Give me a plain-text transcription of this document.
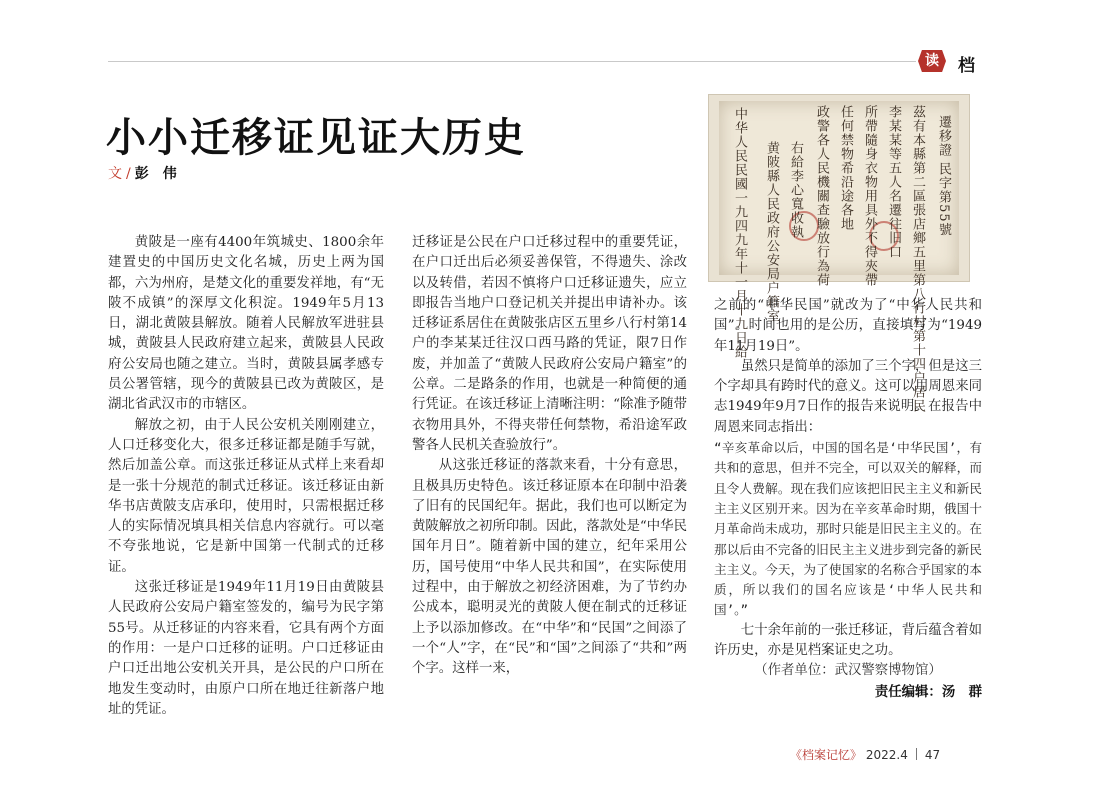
读	档
小小迁移证见证大历史
文 / 彭伟	遷移證 民字第55號
茲有本縣第二區張店鄉五里第八行村第十四户居民
李某某等五人名遷往旧口
所帶隨身衣物用具外不得夾帶
任何禁物希沿途各地
政警各人民機關查驗放行為荷
右給李心寬收執
黄陂縣人民政府公安局户籍室
中华人民民國一九四九年十一月十九日給

黄陂是一座有4400年筑城史、1800余年建置史的中国历史文化名城，历史上两为国都，六为州府，是楚文化的重要发祥地，有“无陂不成镇”的深厚文化积淀。1949年5月13日，湖北黄陂县解放。随着人民解放军进驻县城，黄陂县人民政府建立起来，黄陂县人民政府公安局也随之建立。当时，黄陂县属孝感专员公署管辖，现今的黄陂县已改为黄陂区，是湖北省武汉市的市辖区。

解放之初，由于人民公安机关刚刚建立，人口迁移变化大，很多迁移证都是随手写就，然后加盖公章。而这张迁移证从式样上来看却是一张十分规范的制式迁移证。该迁移证由新华书店黄陂支店承印，使用时，只需根据迁移人的实际情况填具相关信息内容就行。可以毫不夸张地说，它是新中国第一代制式的迁移证。

这张迁移证是1949年11月19日由黄陂县人民政府公安局户籍室签发的，编号为民字第55号。从迁移证的内容来看，它具有两个方面的作用：一是户口迁移的证明。户口迁移证由户口迁出地公安机关开具，是公民的户口所在地发生变动时，由原户口所在地迁往新落户地址的凭证。

迁移证是公民在户口迁移过程中的重要凭证，在户口迁出后必须妥善保管，不得遗失、涂改以及转借，若因不慎将户口迁移证遗失，应立即报告当地户口登记机关并提出申请补办。该迁移证系居住在黄陂张店区五里乡八行村第14户的李某某迁往汉口西马路的凭证，限7日作废，并加盖了“黄陂人民政府公安局户籍室”的公章。二是路条的作用，也就是一种简便的通行凭证。在该迁移证上清晰注明：“除准予随带衣物用具外，不得夹带任何禁物，希沿途军政警各人民机关查验放行”。

从这张迁移证的落款来看，十分有意思，且极具历史特色。该迁移证原本在印制中沿袭了旧有的民国纪年。据此，我们也可以断定为黄陂解放之初所印制。因此，落款处是“中华民国年月日”。随着新中国的建立，纪年采用公历，国号使用“中华人民共和国”，在实际使用过程中，由于解放之初经济困难，为了节约办公成本，聪明灵光的黄陂人便在制式的迁移证上予以添加修改。在“中华”和“民国”之间添了一个“人”字，在“民”和“国”之间添了“共和”两个字。这样一来，

之前的“中华民国”就改为了“中华人民共和国”。时间也用的是公历，直接填写为“1949年11月19日”。

虽然只是简单的添加了三个字，但是这三个字却具有跨时代的意义。这可以用周恩来同志1949年9月7日作的报告来说明。在报告中周恩来同志指出：

“辛亥革命以后，中国的国名是‘中华民国’，有共和的意思，但并不完全，可以双关的解释，而且令人费解。现在我们应该把旧民主主义和新民主主义区别开来。因为在辛亥革命时期，俄国十月革命尚未成功，那时只能是旧民主主义的。在那以后由不完备的旧民主主义进步到完备的新民主主义。今天，为了使国家的名称合乎国家的本质，所以我们的国名应该是‘中华人民共和国’。”

七十余年前的一张迁移证，背后蕴含着如许历史，亦是见档案证史之功。

（作者单位：武汉警察博物馆）

责任编辑：汤　群

《档案记忆》 2022.4 47
